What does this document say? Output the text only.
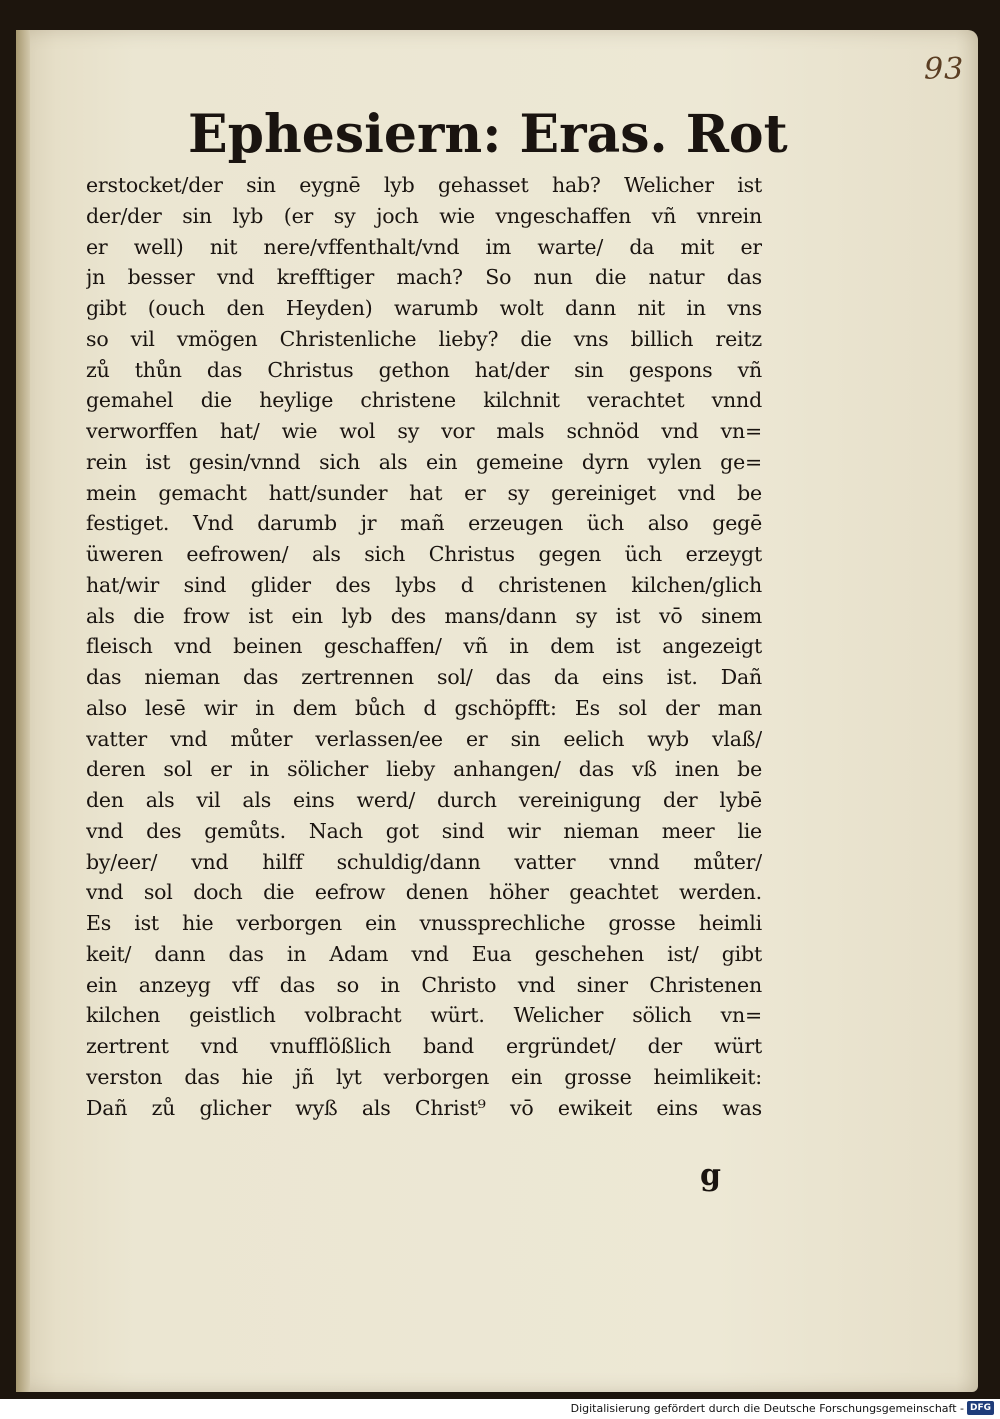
93
Ephesiern: Eras. Rot
erstocket/der sin eygnē lyb gehasset hab? Welicher ist
der/der sin lyb (er sy joch wie vngeschaffen vñ vnrein
er well) nit nere/vffenthalt/vnd im warte/ da mit er
jn besser vnd krefftiger mach? So nun die natur das
gibt (ouch den Heyden) warumb wolt dann nit in vns
so vil vmögen Christenliche lieby? die vns billich reitz
zů thůn das Christus gethon hat/der sin gespons vñ
gemahel die heylige christene kilchnit verachtet vnnd
verworffen hat/ wie wol sy vor mals schnöd vnd vn=
rein ist gesin/vnnd sich als ein gemeine dyrn vylen ge=
mein gemacht hatt/sunder hat er sy gereiniget vnd be
festiget. Vnd darumb jr mañ erzeugen üch also gegē
üweren eefrowen/ als sich Christus gegen üch erzeygt
hat/wir sind glider des lybs d christenen kilchen/glich
als die frow ist ein lyb des mans/dann sy ist vō sinem
fleisch vnd beinen geschaffen/ vñ in dem ist angezeigt
das nieman das zertrennen sol/ das da eins ist. Dañ
also lesē wir in dem bůch d gschöpfft: Es sol der man
vatter vnd můter verlassen/ee er sin eelich wyb vlaß/
deren sol er in sölicher lieby anhangen/ das vß inen be
den als vil als eins werd/ durch vereinigung der lybē
vnd des gemůts. Nach got sind wir nieman meer lie
by/eer/ vnd hilff schuldig/dann vatter vnnd můter/
vnd sol doch die eefrow denen höher geachtet werden.
Es ist hie verborgen ein vnussprechliche grosse heimli
keit/ dann das in Adam vnd Eua geschehen ist/ gibt
ein anzeyg vff das so in Christo vnd siner Christenen
kilchen geistlich volbracht würt. Welicher sölich vn=
zertrent vnd vnufflößlich band ergründet/ der würt
verston das hie jñ lyt verborgen ein grosse heimlikeit:
Dañ zů glicher wyß als Christ⁹ vō ewikeit eins was
g
Digitalisierung gefördert durch die Deutsche Forschungsgemeinschaft - DFG
